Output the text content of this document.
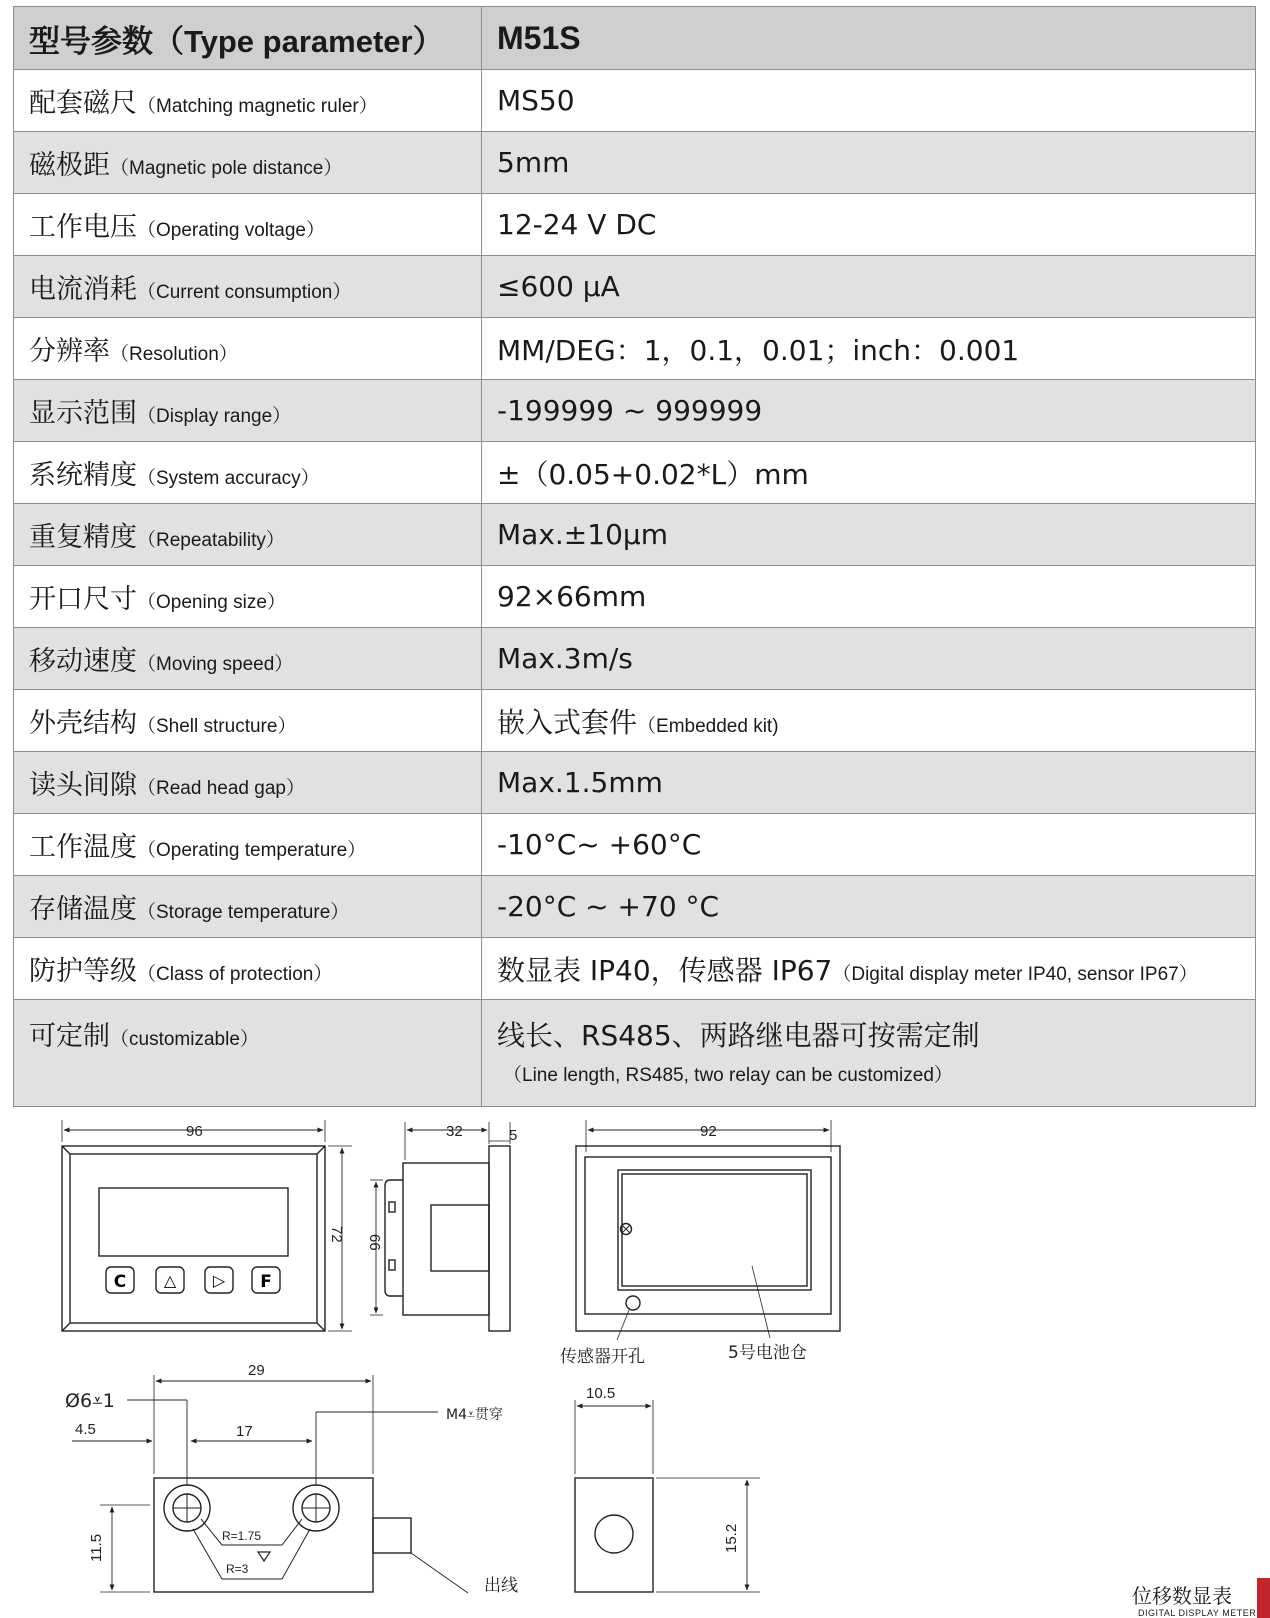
型号参数（Type parameter）	M51S
配套磁尺（Matching magnetic ruler）	MS50
磁极距（Magnetic pole distance）	5mm
工作电压（Operating voltage）	12-24 V DC
电流消耗（Current consumption）	≤600 μA
分辨率（Resolution）	MM/DEG：1，0.1，0.01；inch：0.001
显示范围（Display range）	-199999 ~ 999999
系统精度（System accuracy）	±（0.05+0.02*L）mm
重复精度（Repeatability）	Max.±10μm
开口尺寸（Opening size）	92×66mm
移动速度（Moving speed）	Max.3m/s
外壳结构（Shell structure）	嵌入式套件（Embedded kit)
读头间隙（Read head gap）	Max.1.5mm
工作温度（Operating temperature）	-10°C~ +60°C
存储温度（Storage temperature）	-20°C ~ +70 °C
防护等级（Class of protection）	数显表 IP40，传感器 IP67（Digital display meter IP40, sensor IP67）
可定制（customizable）	线长、RS485、两路继电器可按需定制
（Line length, RS485, two relay can be customized）
96
72
C △ ▷ F
32	5
66
92
传感器开孔	5号电池仓
29
17
4.5
11.5
Ø6⩡1
M4⩡贯穿
R=1.75
R=3
出线
10.5
15.2
位移数显表
DIGITAL DISPLAY METER
